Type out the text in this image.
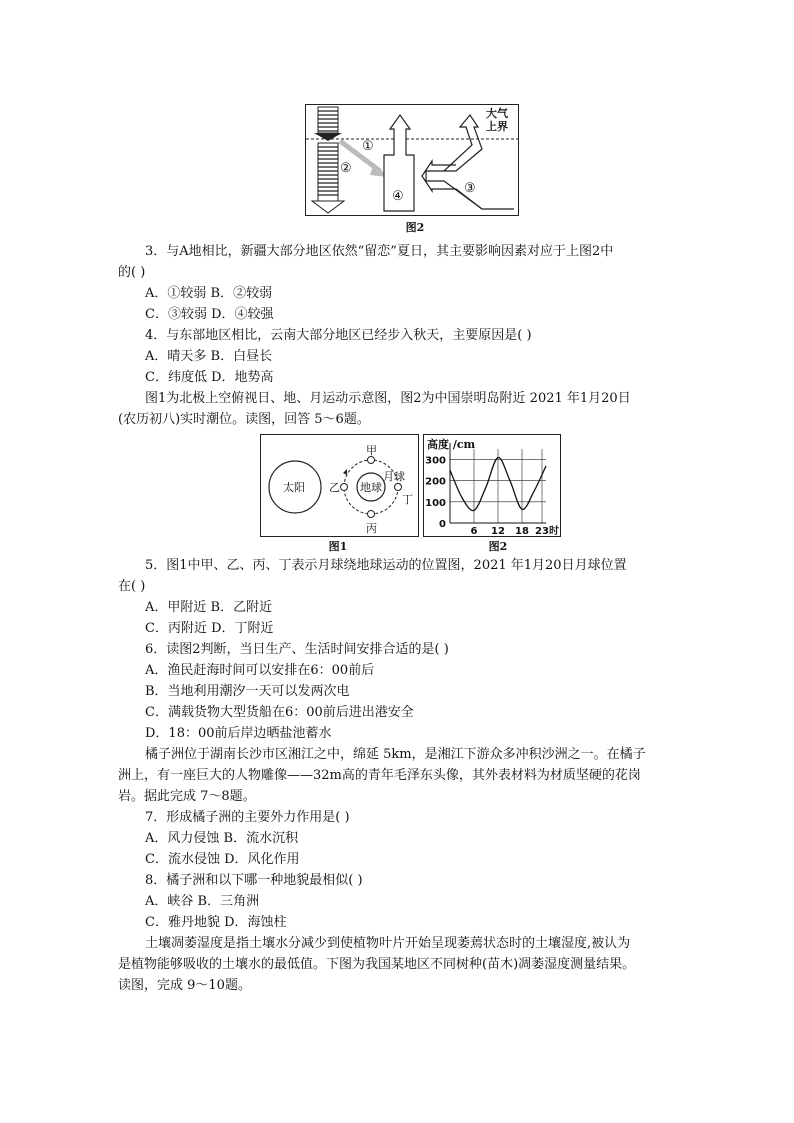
大气
上界
①
②
③
④
图2
3．与A地相比，新疆大部分地区依然“留恋”夏日，其主要影响因素对应于上图2中
的( )
A．①较弱 B．②较弱
C．③较弱 D．④较强
4．与东部地区相比，云南大部分地区已经步入秋天，主要原因是( )
A．晴天多 B．白昼长
C．纬度低 D．地势高
图1为北极上空俯视日、地、月运动示意图，图2为中国崇明岛附近 2021 年1月20日
(农历初八)实时潮位。读图，回答 5～6题。
太阳	地球
月球
甲
乙
丙
丁
图1
300
200
100
0
6 12 18 23 时
高度 /cm
图2
5．图1中甲、乙、丙、丁表示月球绕地球运动的位置图，2021 年1月20日月球位置
在( )
A．甲附近 B．乙附近
C．丙附近 D．丁附近
6．读图2判断，当日生产、生活时间安排合适的是( )
A．渔民赶海时间可以安排在6：00前后
B．当地利用潮汐一天可以发两次电
C．满载货物大型货船在6：00前后进出港安全
D．18：00前后岸边晒盐池蓄水
橘子洲位于湖南长沙市区湘江之中，绵延 5km，是湘江下游众多冲积沙洲之一。在橘子
洲上，有一座巨大的人物雕像——32m高的青年毛泽东头像，其外表材料为材质坚硬的花岗
岩。据此完成 7～8题。
7．形成橘子洲的主要外力作用是( )
A．风力侵蚀 B．流水沉积
C．流水侵蚀 D．风化作用
8．橘子洲和以下哪一种地貌最相似( )
A．峡谷 B．三角洲
C．雅丹地貌 D．海蚀柱
土壤凋萎湿度是指土壤水分减少到使植物叶片开始呈现萎蔫状态时的土壤湿度,被认为
是植物能够吸收的土壤水的最低值。下图为我国某地区不同树种(苗木)凋萎湿度测量结果。
读图，完成 9～10题。
